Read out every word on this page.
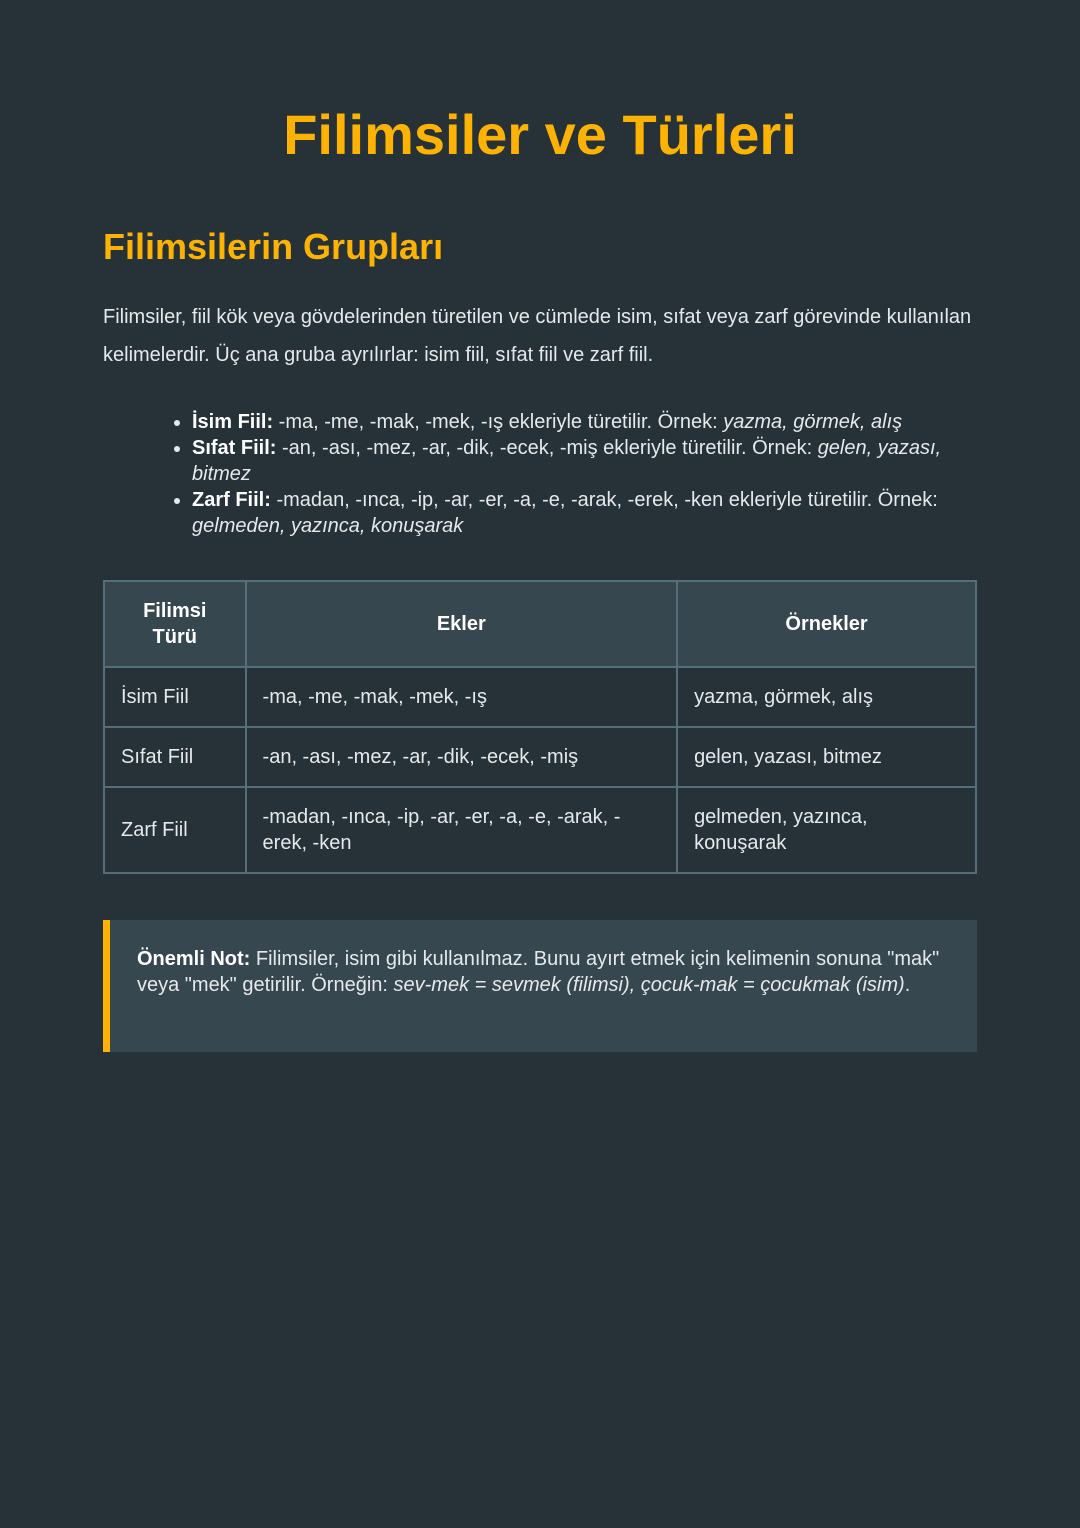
Filimsiler ve Türleri
Filimsilerin Grupları

Filimsiler, fiil kök veya gövdelerinden türetilen ve cümlede isim, sıfat veya zarf görevinde kullanılan kelimelerdir. Üç ana gruba ayrılırlar: isim fiil, sıfat fiil ve zarf fiil.

• İsim Fiil: -ma, -me, -mak, -mek, -ış ekleriyle türetilir. Örnek: yazma, görmek, alış
• Sıfat Fiil: -an, -ası, -mez, -ar, -dik, -ecek, -miş ekleriyle türetilir. Örnek: gelen, yazası, bitmez
• Zarf Fiil: -madan, -ınca, -ip, -ar, -er, -a, -e, -arak, -erek, -ken ekleriyle türetilir. Örnek: gelmeden, yazınca, konuşarak
Filimsi Türü	Ekler	Örnekler
İsim Fiil	-ma, -me, -mak, -mek, -ış	yazma, görmek, alış
Sıfat Fiil	-an, -ası, -mez, -ar, -dik, -ecek, -miş	gelen, yazası, bitmez
Zarf Fiil	-madan, -ınca, -ip, -ar, -er, -a, -e, -arak, -erek, -ken	gelmeden, yazınca, konuşarak
Önemli Not: Filimsiler, isim gibi kullanılmaz. Bunu ayırt etmek için kelimenin sonuna "mak" veya "mek" getirilir. Örneğin: sev-mek = sevmek (filimsi), çocuk-mak = çocukmak (isim).
